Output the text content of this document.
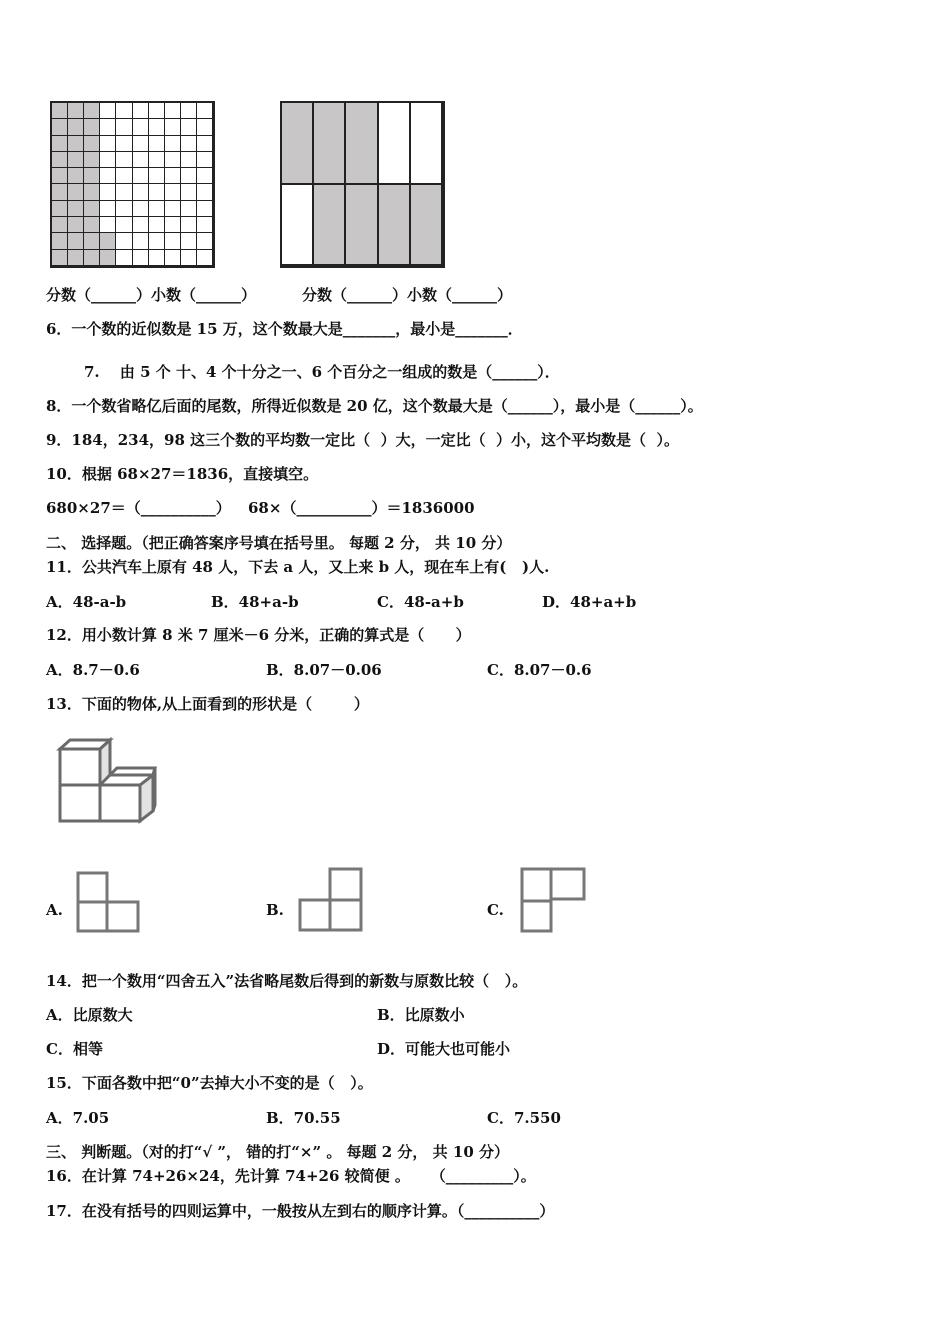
分数（______）小数（______）	分数（______）小数（______）
6．一个数的近似数是 15 万，这个数最大是_______，最小是_______．
7.　 由 5 个 十、4 个十分之一、6 个百分之一组成的数是（______）．
8．一个数省略亿后面的尾数，所得近似数是 20 亿，这个数最大是（______），最小是（______）。
9．184，234，98 这三个数的平均数一定比（  ）大，一定比（  ）小，这个平均数是（  ）。
10．根据 68×27＝1836，直接填空。
680×27＝（__________） 68×（__________）＝1836000
二、 选择题。（把正确答案序号填在括号里。 每题 2 分， 共 10 分）
11．公共汽车上原有 48 人，下去 a 人，又上来 b 人，现在车上有(   )人.
A．48-a-b	B．48+a-b	C．48-a+b	D．48+a+b
12．用小数计算 8 米 7 厘米－6 分米，正确的算式是（      ）
A．8.7－0.6	B．8.07－0.06	C．8.07－0.6
13．下面的物体,从上面看到的形状是（        ）
A.	B.	C.
14．把一个数用“四舍五入”法省略尾数后得到的新数与原数比较（   ）。
A．比原数大	B．比原数小
C．相等	D．可能大也可能小
15．下面各数中把“0”去掉大小不变的是（   ）。
A．7.05	B．70.55	C．7.550
三、 判断题。（对的打“√ ”， 错的打“×” 。 每题 2 分， 共 10 分）
16．在计算 74+26×24，先计算 74+26 较简便 。    （_________）。
17．在没有括号的四则运算中，一般按从左到右的顺序计算。（__________）
